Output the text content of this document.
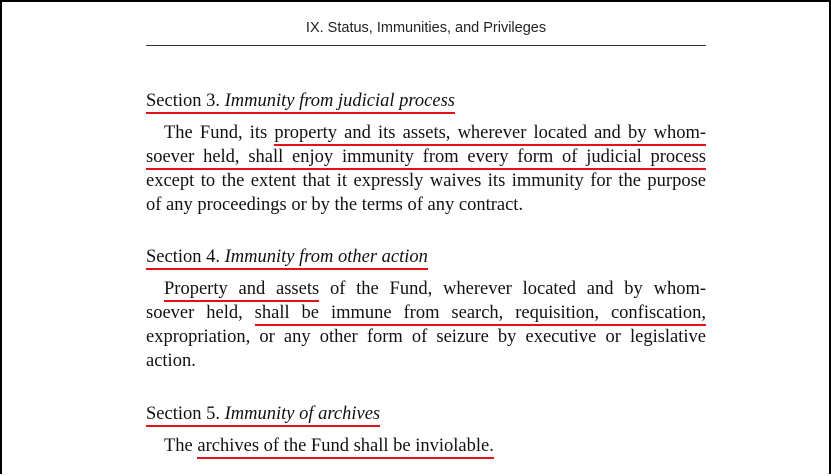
IX. Status, Immunities, and Privileges
Section 3. Immunity from judicial process
The Fund, its property and its assets, wherever located and by whom-
soever held, shall enjoy immunity from every form of judicial process
except to the extent that it expressly waives its immunity for the purpose
of any proceedings or by the terms of any contract.
Section 4. Immunity from other action
Property and assets of the Fund, wherever located and by whom-
soever held, shall be immune from search, requisition, confiscation,
expropriation, or any other form of seizure by executive or legislative
action.
Section 5. Immunity of archives
The archives of the Fund shall be inviolable.
